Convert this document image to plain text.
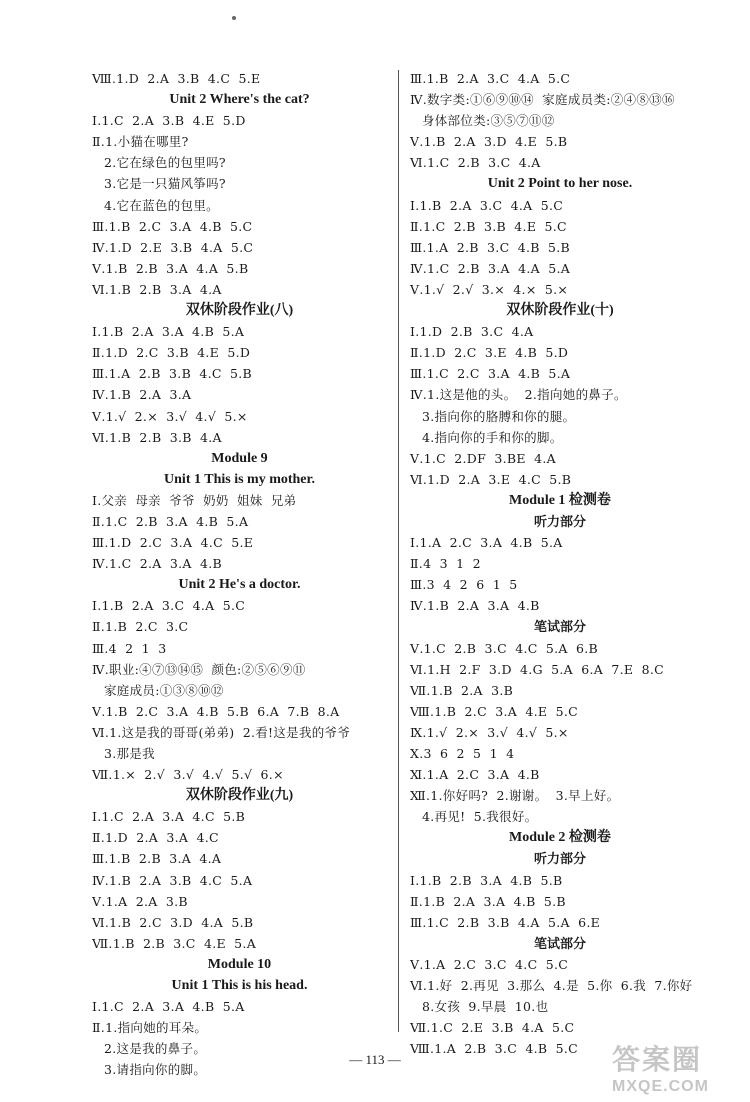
Ⅷ.1.D 2.A 3.B 4.C 5.E
Unit 2 Where's the cat?
Ⅰ.1.C 2.A 3.B 4.E 5.D
Ⅱ.1.小猫在哪里?
2.它在绿色的包里吗?
3.它是一只猫风筝吗?
4.它在蓝色的包里。
Ⅲ.1.B 2.C 3.A 4.B 5.C
Ⅳ.1.D 2.E 3.B 4.A 5.C
Ⅴ.1.B 2.B 3.A 4.A 5.B
Ⅵ.1.B 2.B 3.A 4.A
双休阶段作业(八)
Ⅰ.1.B 2.A 3.A 4.B 5.A
Ⅱ.1.D 2.C 3.B 4.E 5.D
Ⅲ.1.A 2.B 3.B 4.C 5.B
Ⅳ.1.B 2.A 3.A
Ⅴ.1.√ 2.× 3.√ 4.√ 5.×
Ⅵ.1.B 2.B 3.B 4.A
Module 9
Unit 1 This is my mother.
Ⅰ.父亲 母亲 爷爷 奶奶 姐妹 兄弟
Ⅱ.1.C 2.B 3.A 4.B 5.A
Ⅲ.1.D 2.C 3.A 4.C 5.E
Ⅳ.1.C 2.A 3.A 4.B
Unit 2 He's a doctor.
Ⅰ.1.B 2.A 3.C 4.A 5.C
Ⅱ.1.B 2.C 3.C
Ⅲ.4 2 1 3
Ⅳ.职业:④⑦⑬⑭⑮ 颜色:②⑤⑥⑨⑪
家庭成员:①③⑧⑩⑫
Ⅴ.1.B 2.C 3.A 4.B 5.B 6.A 7.B 8.A
Ⅵ.1.这是我的哥哥(弟弟) 2.看!这是我的爷爷
3.那是我
Ⅶ.1.× 2.√ 3.√ 4.√ 5.√ 6.×
双休阶段作业(九)
Ⅰ.1.C 2.A 3.A 4.C 5.B
Ⅱ.1.D 2.A 3.A 4.C
Ⅲ.1.B 2.B 3.A 4.A
Ⅳ.1.B 2.A 3.B 4.C 5.A
Ⅴ.1.A 2.A 3.B
Ⅵ.1.B 2.C 3.D 4.A 5.B
Ⅶ.1.B 2.B 3.C 4.E 5.A
Module 10
Unit 1 This is his head.
Ⅰ.1.C 2.A 3.A 4.B 5.A
Ⅱ.1.指向她的耳朵。
2.这是我的鼻子。
3.请指向你的脚。
Ⅲ.1.B 2.A 3.C 4.A 5.C
Ⅳ.数字类:①⑥⑨⑩⑭ 家庭成员类:②④⑧⑬⑯
身体部位类:③⑤⑦⑪⑫
Ⅴ.1.B 2.A 3.D 4.E 5.B
Ⅵ.1.C 2.B 3.C 4.A
Unit 2 Point to her nose.
Ⅰ.1.B 2.A 3.C 4.A 5.C
Ⅱ.1.C 2.B 3.B 4.E 5.C
Ⅲ.1.A 2.B 3.C 4.B 5.B
Ⅳ.1.C 2.B 3.A 4.A 5.A
Ⅴ.1.√ 2.√ 3.× 4.× 5.×
双休阶段作业(十)
Ⅰ.1.D 2.B 3.C 4.A
Ⅱ.1.D 2.C 3.E 4.B 5.D
Ⅲ.1.C 2.C 3.A 4.B 5.A
Ⅳ.1.这是他的头。 2.指向她的鼻子。
3.指向你的胳膊和你的腿。
4.指向你的手和你的脚。
Ⅴ.1.C 2.DF 3.BE 4.A
Ⅵ.1.D 2.A 3.E 4.C 5.B
Module 1 检测卷
听力部分
Ⅰ.1.A 2.C 3.A 4.B 5.A
Ⅱ.4 3 1 2
Ⅲ.3 4 2 6 1 5
Ⅳ.1.B 2.A 3.A 4.B
笔试部分
Ⅴ.1.C 2.B 3.C 4.C 5.A 6.B
Ⅵ.1.H 2.F 3.D 4.G 5.A 6.A 7.E 8.C
Ⅶ.1.B 2.A 3.B
Ⅷ.1.B 2.C 3.A 4.E 5.C
Ⅸ.1.√ 2.× 3.√ 4.√ 5.×
Ⅹ.3 6 2 5 1 4
Ⅺ.1.A 2.C 3.A 4.B
Ⅻ.1.你好吗? 2.谢谢。 3.早上好。
4.再见! 5.我很好。
Module 2 检测卷
听力部分
Ⅰ.1.B 2.B 3.A 4.B 5.B
Ⅱ.1.B 2.A 3.A 4.B 5.B
Ⅲ.1.C 2.B 3.B 4.A 5.A 6.E
笔试部分
Ⅴ.1.A 2.C 3.C 4.C 5.C
Ⅵ.1.好 2.再见 3.那么 4.是 5.你 6.我 7.你好
8.女孩 9.早晨 10.也
Ⅶ.1.C 2.E 3.B 4.A 5.C
Ⅷ.1.A 2.B 3.C 4.B 5.C
— 113 —	答案圈
MXQE.COM
